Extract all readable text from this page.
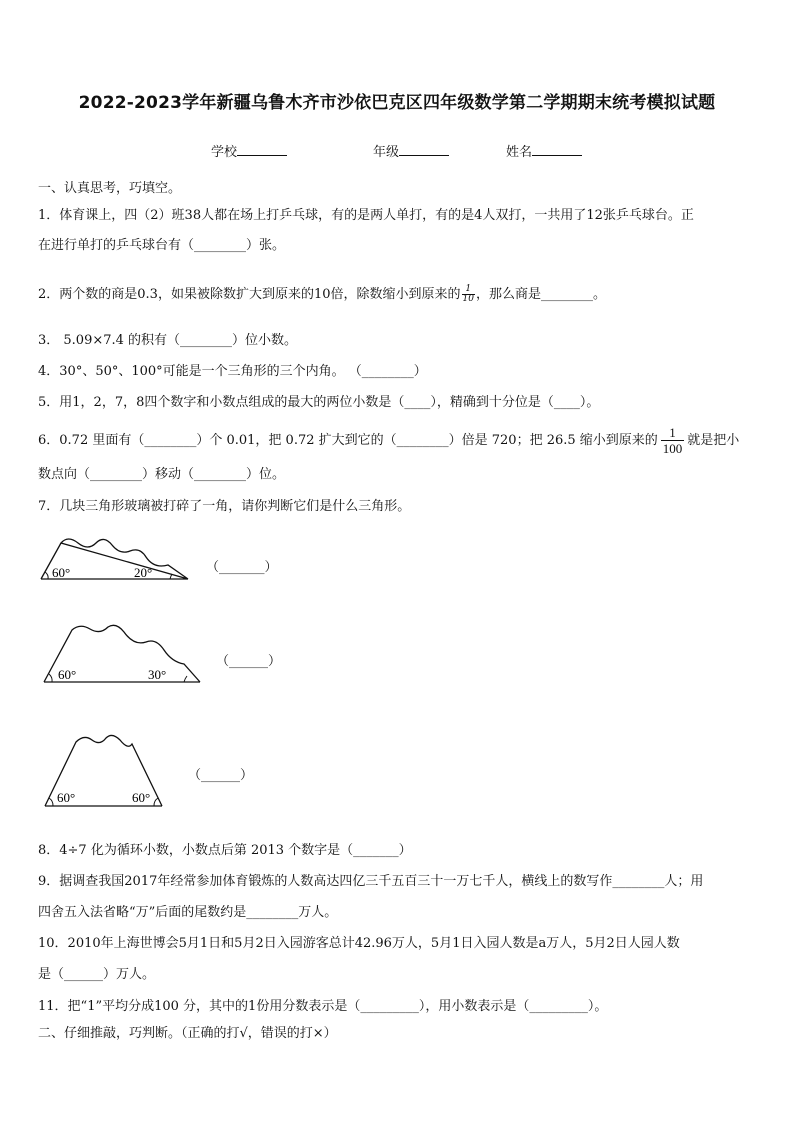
2022-2023学年新疆乌鲁木齐市沙依巴克区四年级数学第二学期期末统考模拟试题
学校	年级	姓名
一、认真思考，巧填空。
1．体育课上，四（2）班38人都在场上打乒乓球，有的是两人单打，有的是4人双打，一共用了12张乒乓球台。正
在进行单打的乒乓球台有（________）张。
2．两个数的商是0.3，如果被除数扩大到原来的10倍，除数缩小到原来的 $\frac{1}{10}$ ，那么商是________。
3． 5.09×7.4 的积有（________）位小数。
4．30°、50°、100°可能是一个三角形的三个内角。 （________）
5．用1，2，7，8四个数字和小数点组成的最大的两位小数是（____），精确到十分位是（____）。
6．0.72 里面有（________）个 0.01，把 0.72 扩大到它的（________）倍是 720；把 26.5 缩小到原来的 $\frac{1}{100}$ 就是把小
数点向（________）移动（________）位。
7．几块三角形玻璃被打碎了一角，请你判断它们是什么三角形。
60°	20°	（_______）
60°	30°
（______）
60°	60°
（______）
8．4÷7 化为循环小数，小数点后第 2013 个数字是（_______）
9．据调查我国2017年经常参加体育锻炼的人数高达四亿三千五百三十一万七千人，横线上的数写作________人；用
四舍五入法省略“万”后面的尾数约是________万人。
10．2010年上海世博会5月1日和5月2日入园游客总计42.96万人，5月1日入园人数是a万人，5月2日人园人数
是（______）万人。
11．把“1”平均分成100 分，其中的1份用分数表示是（_________），用小数表示是（_________）。
二、仔细推敲，巧判断。（正确的打√，错误的打×）
